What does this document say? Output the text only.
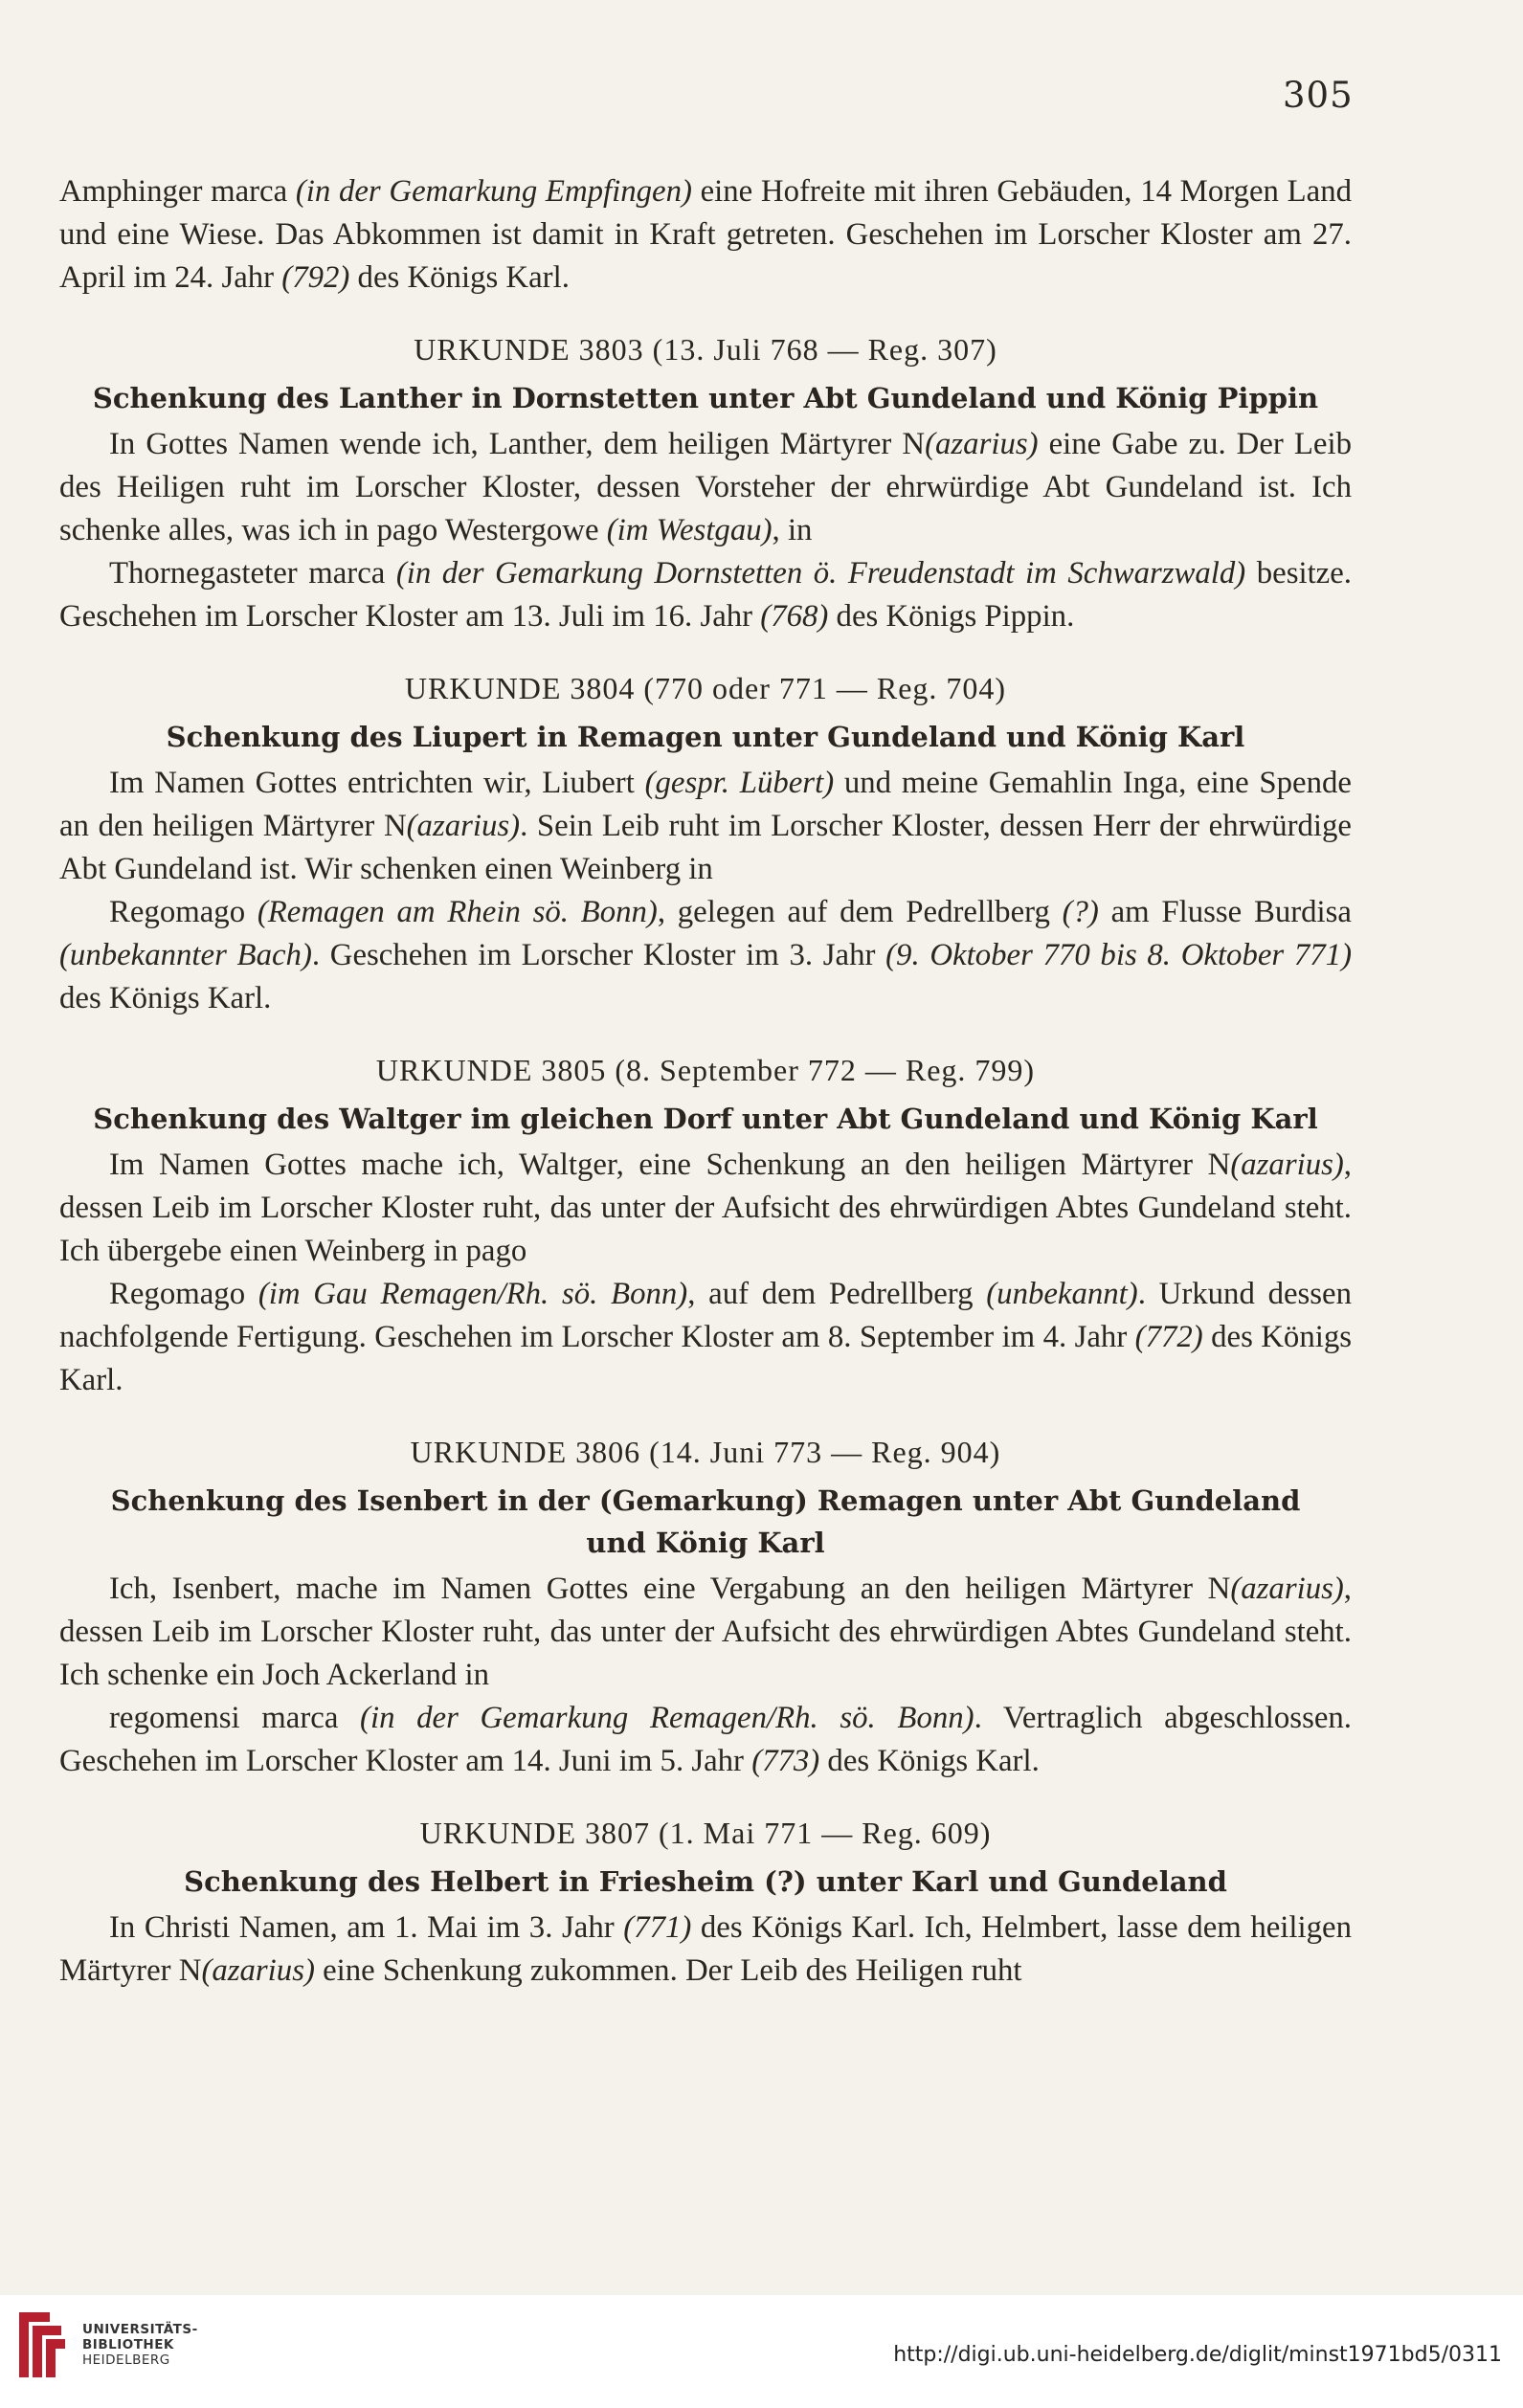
305

Amphinger marca (in der Gemarkung Empfingen) eine Hofreite mit ihren Gebäuden, 14 Morgen Land und eine Wiese. Das Abkommen ist damit in Kraft getreten. Geschehen im Lorscher Kloster am 27. April im 24. Jahr (792) des Königs Karl.

URKUNDE 3803 (13. Juli 768 — Reg. 307)
Schenkung des Lanther in Dornstetten unter Abt Gundeland und König Pippin

In Gottes Namen wende ich, Lanther, dem heiligen Märtyrer N(azarius) eine Gabe zu. Der Leib des Heiligen ruht im Lorscher Kloster, dessen Vorsteher der ehrwürdige Abt Gundeland ist. Ich schenke alles, was ich in pago Westergowe (im Westgau), in

Thornegasteter marca (in der Gemarkung Dornstetten ö. Freudenstadt im Schwarzwald) besitze. Geschehen im Lorscher Kloster am 13. Juli im 16. Jahr (768) des Königs Pippin.

URKUNDE 3804 (770 oder 771 — Reg. 704)
Schenkung des Liupert in Remagen unter Gundeland und König Karl

Im Namen Gottes entrichten wir, Liubert (gespr. Lübert) und meine Gemahlin Inga, eine Spende an den heiligen Märtyrer N(azarius). Sein Leib ruht im Lorscher Kloster, dessen Herr der ehrwürdige Abt Gundeland ist. Wir schenken einen Weinberg in

Regomago (Remagen am Rhein sö. Bonn), gelegen auf dem Pedrellberg (?) am Flusse Burdisa (unbekannter Bach). Geschehen im Lorscher Kloster im 3. Jahr (9. Oktober 770 bis 8. Oktober 771) des Königs Karl.

URKUNDE 3805 (8. September 772 — Reg. 799)
Schenkung des Waltger im gleichen Dorf unter Abt Gundeland und König Karl

Im Namen Gottes mache ich, Waltger, eine Schenkung an den heiligen Märtyrer N(azarius), dessen Leib im Lorscher Kloster ruht, das unter der Aufsicht des ehrwürdigen Abtes Gundeland steht. Ich übergebe einen Weinberg in pago

Regomago (im Gau Remagen/Rh. sö. Bonn), auf dem Pedrellberg (unbekannt). Urkund dessen nachfolgende Fertigung. Geschehen im Lorscher Kloster am 8. September im 4. Jahr (772) des Königs Karl.

URKUNDE 3806 (14. Juni 773 — Reg. 904)
Schenkung des Isenbert in der (Gemarkung) Remagen unter Abt Gundeland
und König Karl

Ich, Isenbert, mache im Namen Gottes eine Vergabung an den heiligen Märtyrer N(azarius), dessen Leib im Lorscher Kloster ruht, das unter der Aufsicht des ehrwürdigen Abtes Gundeland steht. Ich schenke ein Joch Ackerland in

regomensi marca (in der Gemarkung Remagen/Rh. sö. Bonn). Vertraglich abgeschlossen. Geschehen im Lorscher Kloster am 14. Juni im 5. Jahr (773) des Königs Karl.

URKUNDE 3807 (1. Mai 771 — Reg. 609)
Schenkung des Helbert in Friesheim (?) unter Karl und Gundeland

In Christi Namen, am 1. Mai im 3. Jahr (771) des Königs Karl. Ich, Helmbert, lasse dem heiligen Märtyrer N(azarius) eine Schenkung zukommen. Der Leib des Heiligen ruht

UNIVERSITÄTS-
BIBLIOTHEK
HEIDELBERG	http://digi.ub.uni-heidelberg.de/diglit/minst1971bd5/0311
